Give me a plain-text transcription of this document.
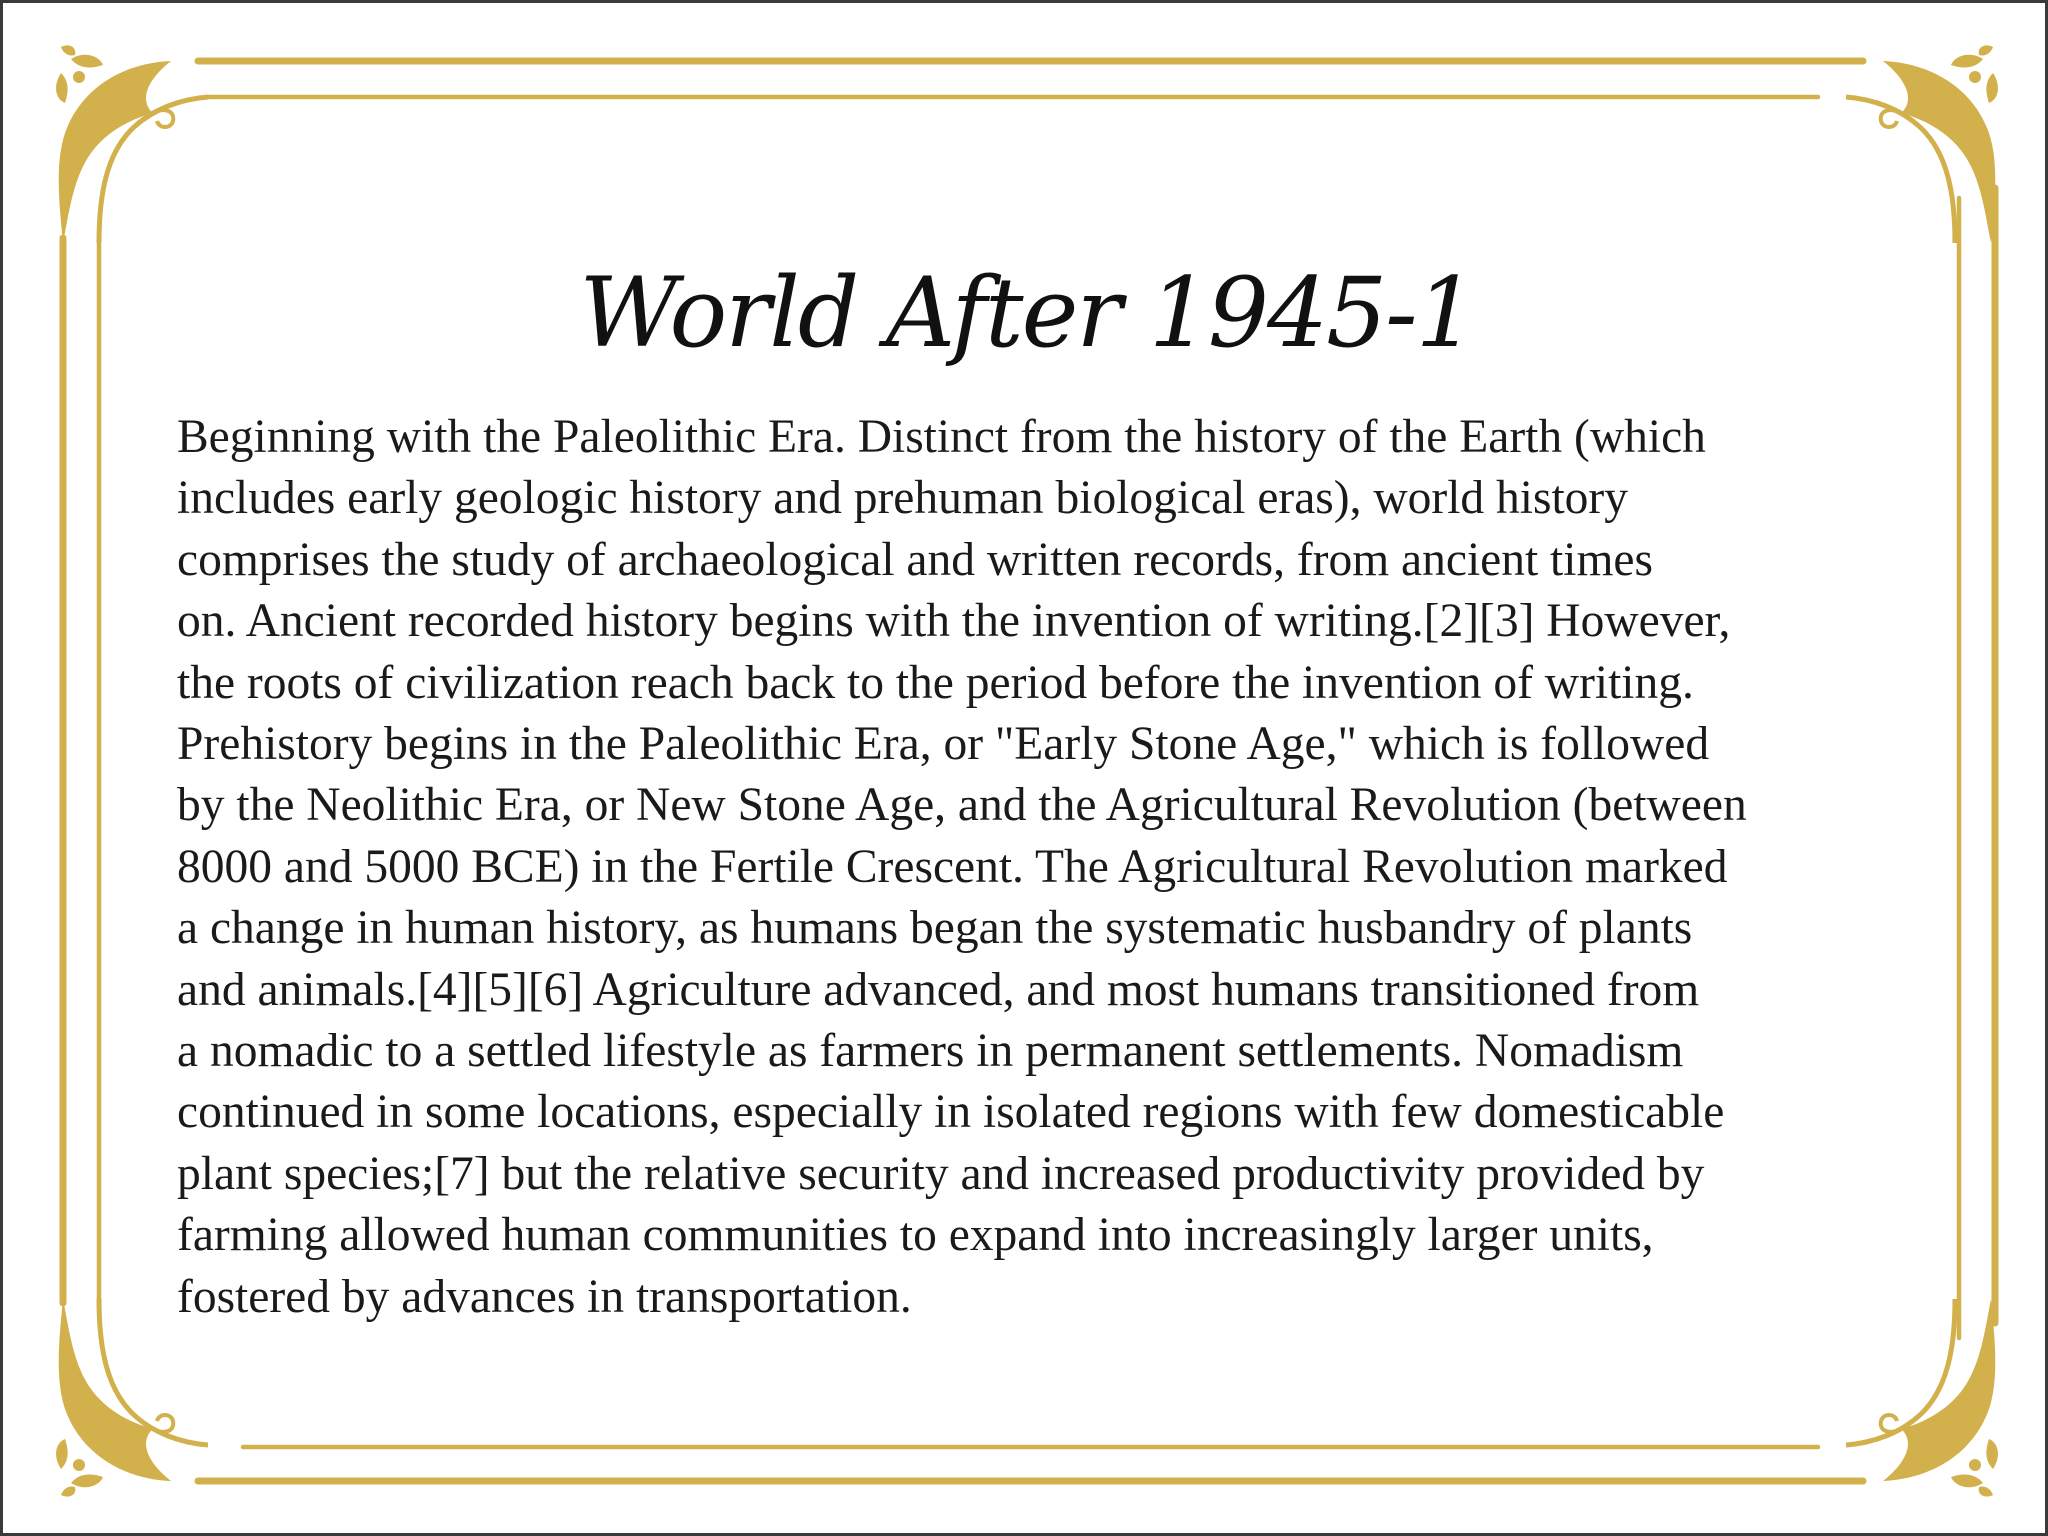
World After 1945-1
Beginning with the Paleolithic Era. Distinct from the history of the Earth (which
includes early geologic history and prehuman biological eras), world history
comprises the study of archaeological and written records, from ancient times
on. Ancient recorded history begins with the invention of writing.[2][3] However,
the roots of civilization reach back to the period before the invention of writing.
Prehistory begins in the Paleolithic Era, or "Early Stone Age," which is followed
by the Neolithic Era, or New Stone Age, and the Agricultural Revolution (between
8000 and 5000 BCE) in the Fertile Crescent. The Agricultural Revolution marked
a change in human history, as humans began the systematic husbandry of plants
and animals.[4][5][6] Agriculture advanced, and most humans transitioned from
a nomadic to a settled lifestyle as farmers in permanent settlements. Nomadism
continued in some locations, especially in isolated regions with few domesticable
plant species;[7] but the relative security and increased productivity provided by
farming allowed human communities to expand into increasingly larger units,
fostered by advances in transportation.
